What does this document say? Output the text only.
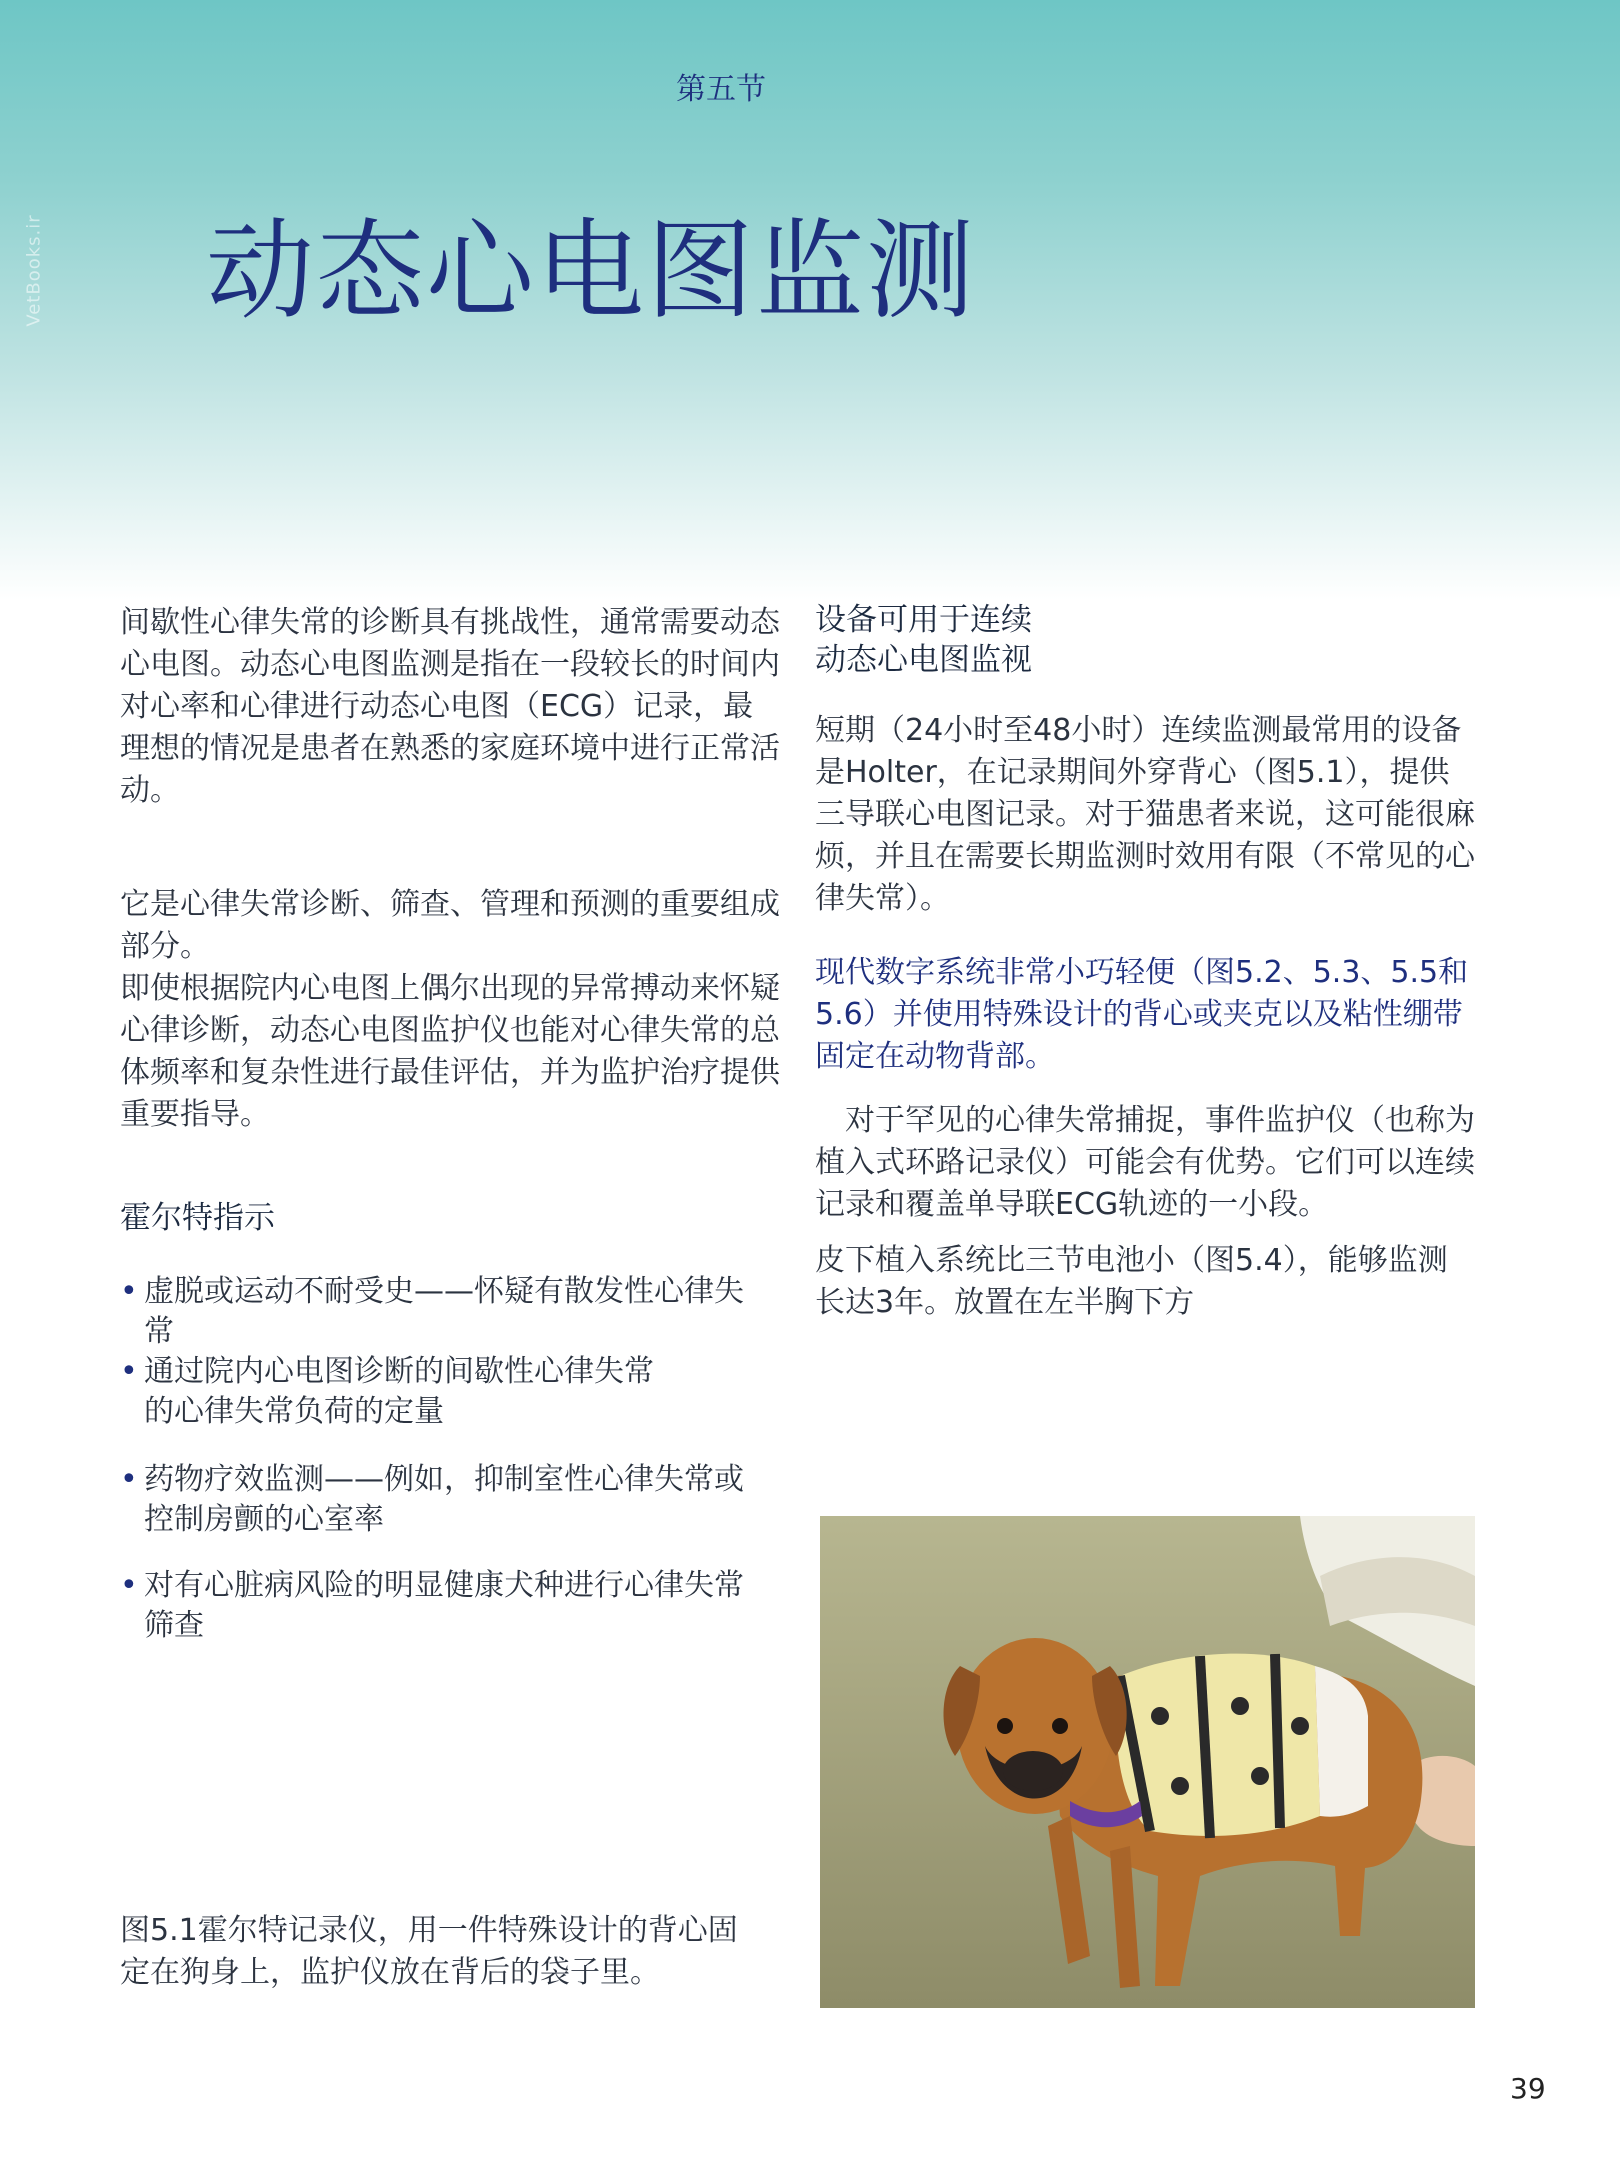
VetBooks.ir
第五节
动态心电图监测

间歇性心律失常的诊断具有挑战性，通常需要动态心电图。动态心电图监测是指在一段较长的时间内对心率和心律进行动态心电图（ECG）记录，最理想的情况是患者在熟悉的家庭环境中进行正常活动。

它是心律失常诊断、筛查、管理和预测的重要组成部分。

即使根据院内心电图上偶尔出现的异常搏动来怀疑心律诊断，动态心电图监护仪也能对心律失常的总体频率和复杂性进行最佳评估，并为监护治疗提供重要指导。

霍尔特指示
• 虚脱或运动不耐受史——怀疑有散发性心律失常
• 通过院内心电图诊断的间歇性心律失常的心律失常负荷的定量
• 药物疗效监测——例如，抑制室性心律失常或控制房颤的心室率
• 对有心脏病风险的明显健康犬种进行心律失常筛查

图5.1霍尔特记录仪，用一件特殊设计的背心固定在狗身上，监护仪放在背后的袋子里。

设备可用于连续动态心电图监视

短期（24小时至48小时）连续监测最常用的设备是Holter，在记录期间外穿背心（图5.1），提供三导联心电图记录。对于猫患者来说，这可能很麻烦，并且在需要长期监测时效用有限（不常见的心律失常）。

现代数字系统非常小巧轻便（图5.2、5.3、5.5和5.6）并使用特殊设计的背心或夹克以及粘性绷带固定在动物背部。

对于罕见的心律失常捕捉，事件监护仪（也称为植入式环路记录仪）可能会有优势。它们可以连续记录和覆盖单导联ECG轨迹的一小段。

皮下植入系统比三节电池小（图5.4），能够监测长达3年。放置在左半胸下方

39
